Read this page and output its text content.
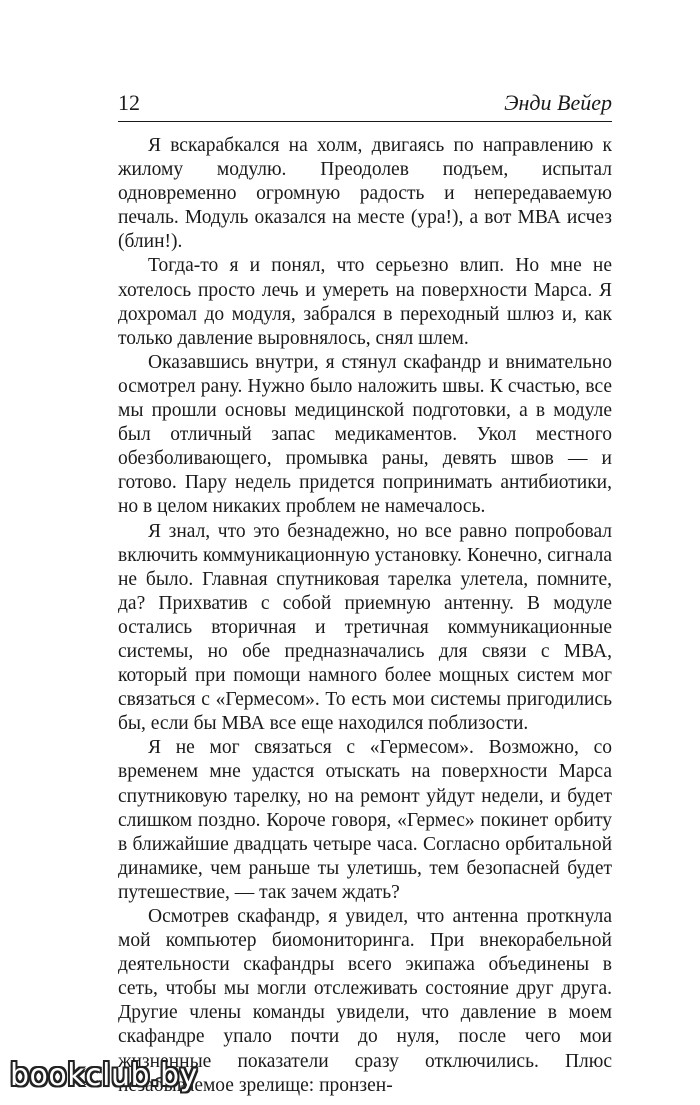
12	Энди Вейер

Я вскарабкался на холм, двигаясь по направлению к жилому модулю. Преодолев подъем, испытал одновременно огромную радость и непередаваемую печаль. Модуль оказался на месте (ура!), а вот МВА исчез (блин!).

Тогда-то я и понял, что серьезно влип. Но мне не хотелось просто лечь и умереть на поверхности Марса. Я дохромал до модуля, забрался в переходный шлюз и, как только давление выровнялось, снял шлем.

Оказавшись внутри, я стянул скафандр и внимательно осмотрел рану. Нужно было наложить швы. К счастью, все мы прошли основы медицинской подготовки, а в модуле был отличный запас медикаментов. Укол местного обезболивающего, промывка раны, девять швов — и готово. Пару недель придется попринимать антибиотики, но в целом никаких проблем не намечалось.

Я знал, что это безнадежно, но все равно попробовал включить коммуникационную установку. Конечно, сигнала не было. Главная спутниковая тарелка улетела, помните, да? Прихватив с собой приемную антенну. В модуле остались вторичная и третичная коммуникационные системы, но обе предназначались для связи с МВА, который при помощи намного более мощных систем мог связаться с «Гермесом». То есть мои системы пригодились бы, если бы МВА все еще находился поблизости.

Я не мог связаться с «Гермесом». Возможно, со временем мне удастся отыскать на поверхности Марса спутниковую тарелку, но на ремонт уйдут недели, и будет слишком поздно. Короче говоря, «Гермес» покинет орбиту в ближайшие двадцать четыре часа. Согласно орбитальной динамике, чем раньше ты улетишь, тем безопасней будет путешествие, — так зачем ждать?

Осмотрев скафандр, я увидел, что антенна проткнула мой компьютер биомониторинга. При внекорабельной деятельности скафандры всего экипажа объединены в сеть, чтобы мы могли отслеживать состояние друг друга. Другие члены команды увидели, что давление в моем скафандре упало почти до нуля, после чего мои жизненные показатели сразу отключились. Плюс незабываемое зрелище: пронзен-

bookclub.by
